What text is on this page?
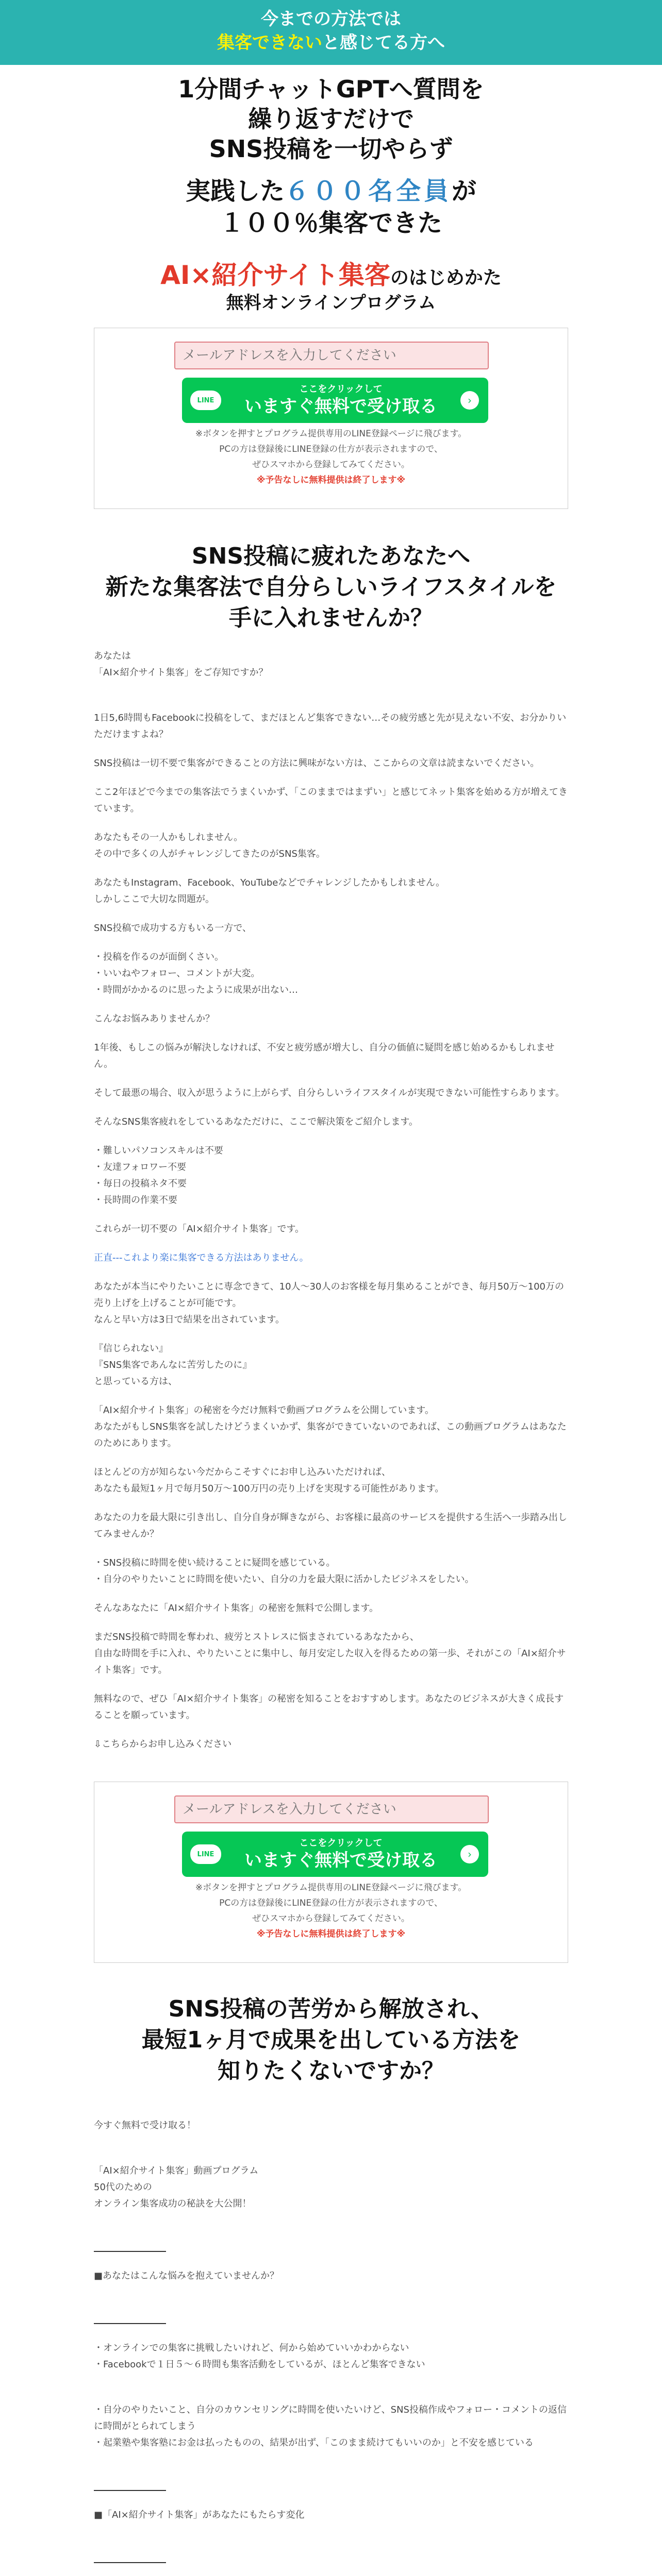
今までの方法では
集客できないと感じてる方へ
1分間チャットGPTへ質問を
繰り返すだけで
SNS投稿を一切やらず
実践した６００名全員が
１００％集客できた
AI×紹介サイト集客のはじめかた
無料オンラインプログラム
メールアドレスを入力してください
LINE
ここをクリックして
いますぐ無料で受け取る	›
※ボタンを押すとプログラム提供専用のLINE登録ページに飛びます。
PCの方は登録後にLINE登録の仕方が表示されますので、
ぜひスマホから登録してみてください。
※予告なしに無料提供は終了します※
SNS投稿に疲れたあなたへ
新たな集客法で自分らしいライフスタイルを
手に入れませんか？

あなたは
「AI×紹介サイト集客」をご存知ですか？

1日5,6時間もFacebookに投稿をして、まだほとんど集客できない…その疲労感と先が見えない不安、お分かりいただけますよね？

SNS投稿は一切不要で集客ができることの方法に興味がない方は、ここからの文章は読まないでください。

ここ2年ほどで今までの集客法でうまくいかず、「このままではまずい」と感じてネット集客を始める方が増えてきています。

あなたもその一人かもしれません。
その中で多くの人がチャレンジしてきたのがSNS集客。

あなたもInstagram、Facebook、YouTubeなどでチャレンジしたかもしれません。
しかしここで大切な問題が。

SNS投稿で成功する方もいる一方で、

・投稿を作るのが面倒くさい。
・いいねやフォロー、コメントが大変。
・時間がかかるのに思ったように成果が出ない…

こんなお悩みありませんか？

1年後、もしこの悩みが解決しなければ、不安と疲労感が増大し、自分の価値に疑問を感じ始めるかもしれません。

そして最悪の場合、収入が思うように上がらず、自分らしいライフスタイルが実現できない可能性すらあります。

そんなSNS集客疲れをしているあなただけに、ここで解決策をご紹介します。

・難しいパソコンスキルは不要
・友達フォロワー不要
・毎日の投稿ネタ不要
・長時間の作業不要

これらが一切不要の「AI×紹介サイト集客」です。

正直---これより楽に集客できる方法はありません。

あなたが本当にやりたいことに専念できて、10人〜30人のお客様を毎月集めることができ、毎月50万〜100万の売り上げを上げることが可能です。
なんと早い方は3日で結果を出されています。

『信じられない』
『SNS集客であんなに苦労したのに』
と思っている方は、

「AI×紹介サイト集客」の秘密を今だけ無料で動画プログラムを公開しています。
あなたがもしSNS集客を試したけどうまくいかず、集客ができていないのであれば、この動画プログラムはあなたのためにあります。

ほとんどの方が知らない今だからこそすぐにお申し込みいただければ、
あなたも最短1ヶ月で毎月50万〜100万円の売り上げを実現する可能性があります。

あなたの力を最大限に引き出し、自分自身が輝きながら、お客様に最高のサービスを提供する生活へ一歩踏み出してみませんか？

・SNS投稿に時間を使い続けることに疑問を感じている。
・自分のやりたいことに時間を使いたい、自分の力を最大限に活かしたビジネスをしたい。

そんなあなたに「AI×紹介サイト集客」の秘密を無料で公開します。

まだSNS投稿で時間を奪われ、疲労とストレスに悩まされているあなたから、
自由な時間を手に入れ、やりたいことに集中し、毎月安定した収入を得るための第一歩、それがこの「AI×紹介サイト集客」です。

無料なので、ぜひ「AI×紹介サイト集客」の秘密を知ることをおすすめします。あなたのビジネスが大きく成長することを願っています。

⇩こちらからお申し込みください

メールアドレスを入力してください
LINE
ここをクリックして
いますぐ無料で受け取る	›
※ボタンを押すとプログラム提供専用のLINE登録ページに飛びます。
PCの方は登録後にLINE登録の仕方が表示されますので、
ぜひスマホから登録してみてください。
※予告なしに無料提供は終了します※
SNS投稿の苦労から解放され、
最短1ヶ月で成果を出している方法を
知りたくないですか？

今すぐ無料で受け取る！

「AI×紹介サイト集客」動画プログラム
50代のための
オンライン集客成功の秘訣を大公開！

■あなたはこんな悩みを抱えていませんか？

・オンラインでの集客に挑戦したいけれど、何から始めていいかわからない
・Facebookで１日５〜６時間も集客活動をしているが、ほとんど集客できない

・自分のやりたいこと、自分のカウンセリングに時間を使いたいけど、SNS投稿作成やフォロー・コメントの返信に時間がとられてしまう
・起業塾や集客塾にお金は払ったものの、結果が出ず、「このまま続けてもいいのか」と不安を感じている

■「AI×紹介サイト集客」があなたにもたらす変化
